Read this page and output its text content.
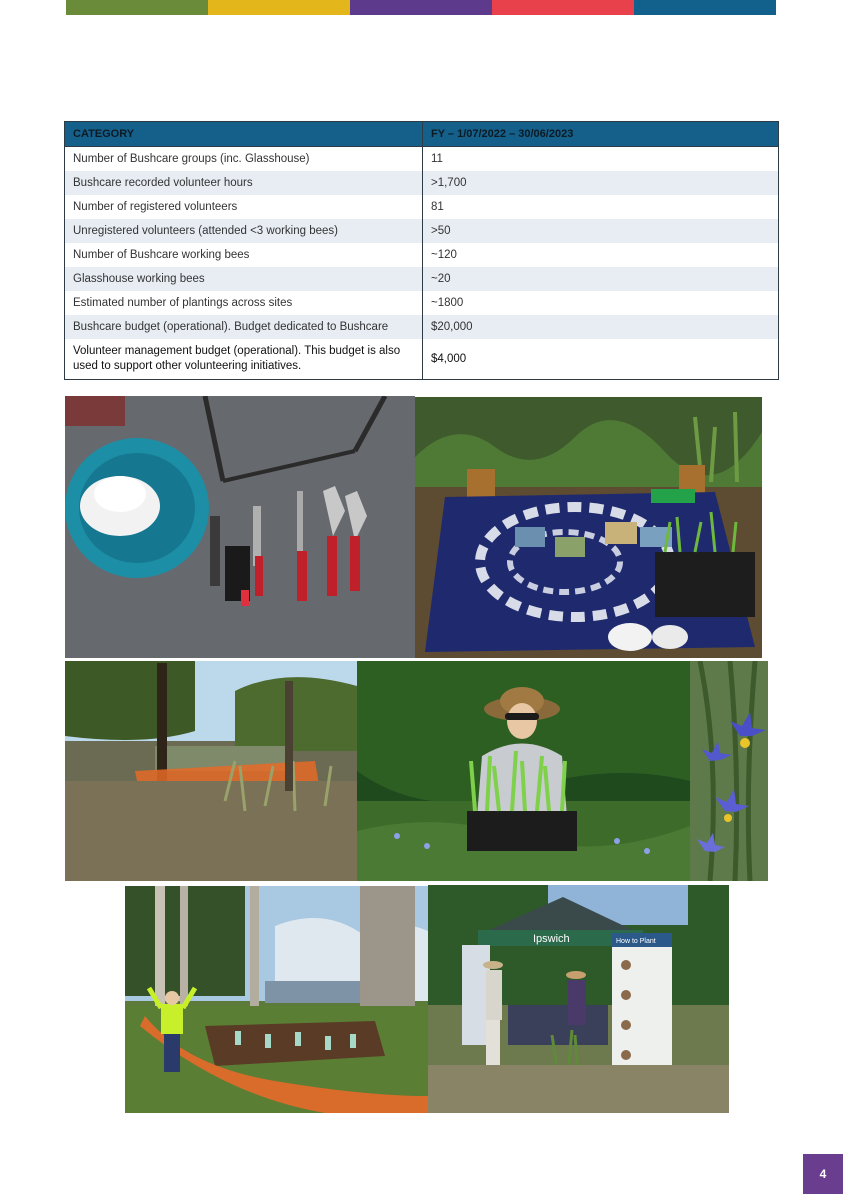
CATEGORY	FY – 1/07/2022 – 30/06/2023
Number of Bushcare groups (inc. Glasshouse)	11
Bushcare recorded volunteer hours	>1,700
Number of registered volunteers	81
Unregistered volunteers (attended <3 working bees)	>50
Number of Bushcare working bees	~120
Glasshouse working bees	~20
Estimated number of plantings across sites	~1800
Bushcare budget (operational). Budget dedicated to Bushcare	$20,000
Volunteer management budget (operational). This budget is also used to support other volunteering initiatives.	$4,000
Ipswich	How to Plant
4
